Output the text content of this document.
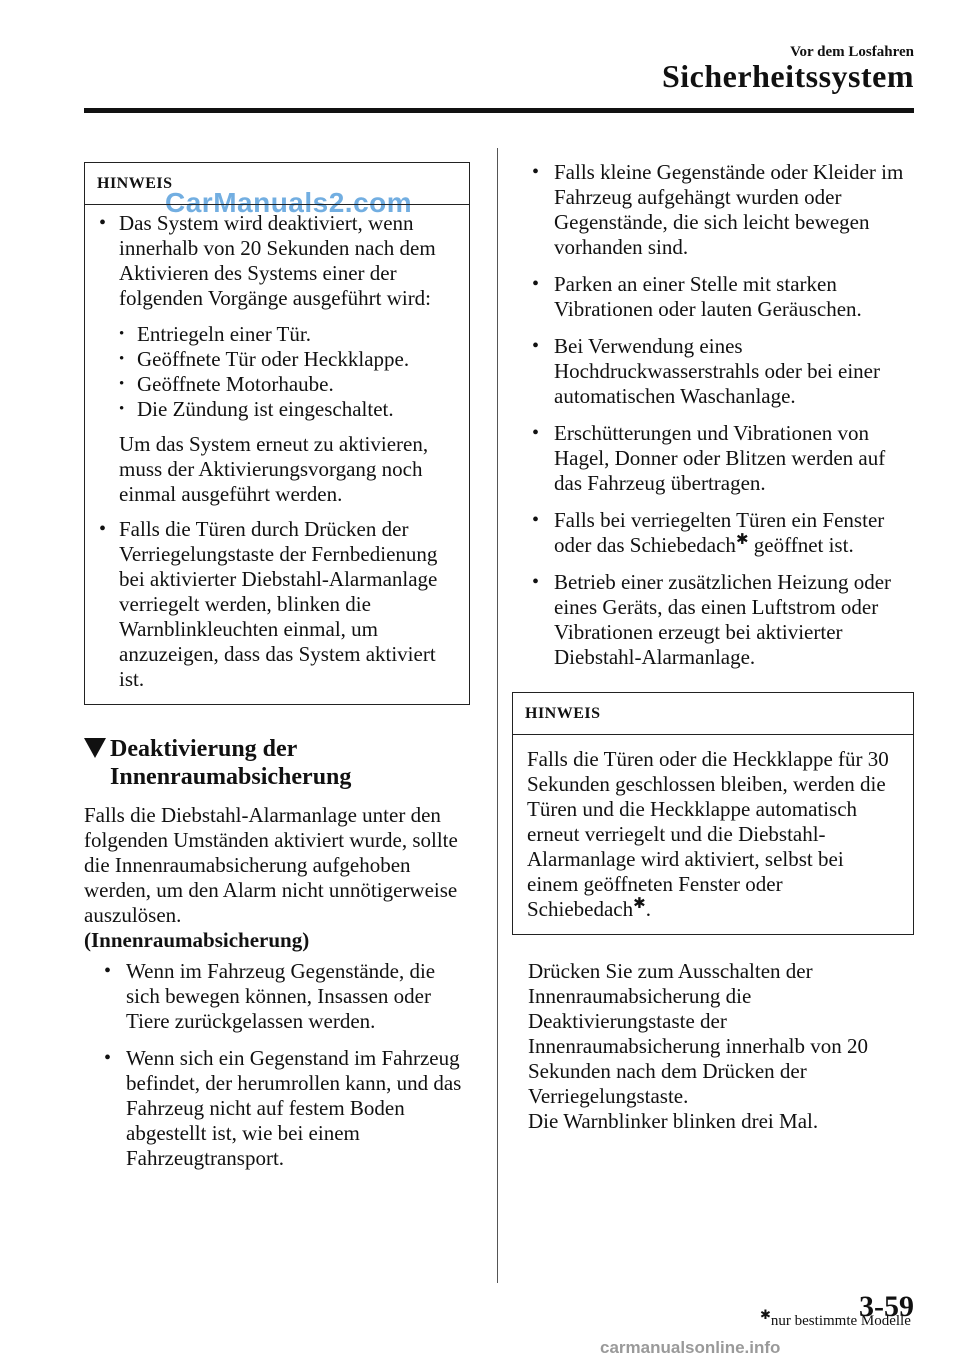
Vor dem Losfahren
Sicherheitssystem
CarManuals2.com
HINWEIS
• Das System wird deaktiviert, wenn innerhalb von 20 Sekunden nach dem Aktivieren des Systems einer der folgenden Vorgänge ausgeführt wird:
• Entriegeln einer Tür.
• Geöffnete Tür oder Heckklappe.
• Geöffnete Motorhaube.
• Die Zündung ist eingeschaltet.
Um das System erneut zu aktivieren, muss der Aktivierungsvorgang noch einmal ausgeführt werden.
• Falls die Türen durch Drücken der Verriegelungstaste der Fernbedienung bei aktivierter Diebstahl-Alarmanlage verriegelt werden, blinken die Warnblinkleuchten einmal, um anzuzeigen, dass das System aktiviert ist.
Deaktivierung der
Innenraumabsicherung
Falls die Diebstahl-Alarmanlage unter den folgenden Umständen aktiviert wurde, sollte die Innenraumabsicherung aufgehoben werden, um den Alarm nicht unnötigerweise auszulösen.
(Innenraumabsicherung)
• Wenn im Fahrzeug Gegenstände, die sich bewegen können, Insassen oder Tiere zurückgelassen werden.
• Wenn sich ein Gegenstand im Fahrzeug befindet, der herumrollen kann, und das Fahrzeug nicht auf festem Boden abgestellt ist, wie bei einem Fahrzeugtransport.
• Falls kleine Gegenstände oder Kleider im Fahrzeug aufgehängt wurden oder Gegenstände, die sich leicht bewegen vorhanden sind.
• Parken an einer Stelle mit starken Vibrationen oder lauten Geräuschen.
• Bei Verwendung eines Hochdruckwasserstrahls oder bei einer automatischen Waschanlage.
• Erschütterungen und Vibrationen von Hagel, Donner oder Blitzen werden auf das Fahrzeug übertragen.
• Falls bei verriegelten Türen ein Fenster oder das Schiebedach✱ geöffnet ist.
• Betrieb einer zusätzlichen Heizung oder eines Geräts, das einen Luftstrom oder Vibrationen erzeugt bei aktivierter Diebstahl-Alarmanlage.
HINWEIS
Falls die Türen oder die Heckklappe für 30 Sekunden geschlossen bleiben, werden die Türen und die Heckklappe automatisch erneut verriegelt und die Diebstahl-Alarmanlage wird aktiviert, selbst bei einem geöffneten Fenster oder Schiebedach✱.
Drücken Sie zum Ausschalten der Innenraumabsicherung die Deaktivierungstaste der Innenraumabsicherung innerhalb von 20 Sekunden nach dem Drücken der Verriegelungstaste.
Die Warnblinker blinken drei Mal.
✱nur bestimmte Modelle
3-59
carmanualsonline.info
